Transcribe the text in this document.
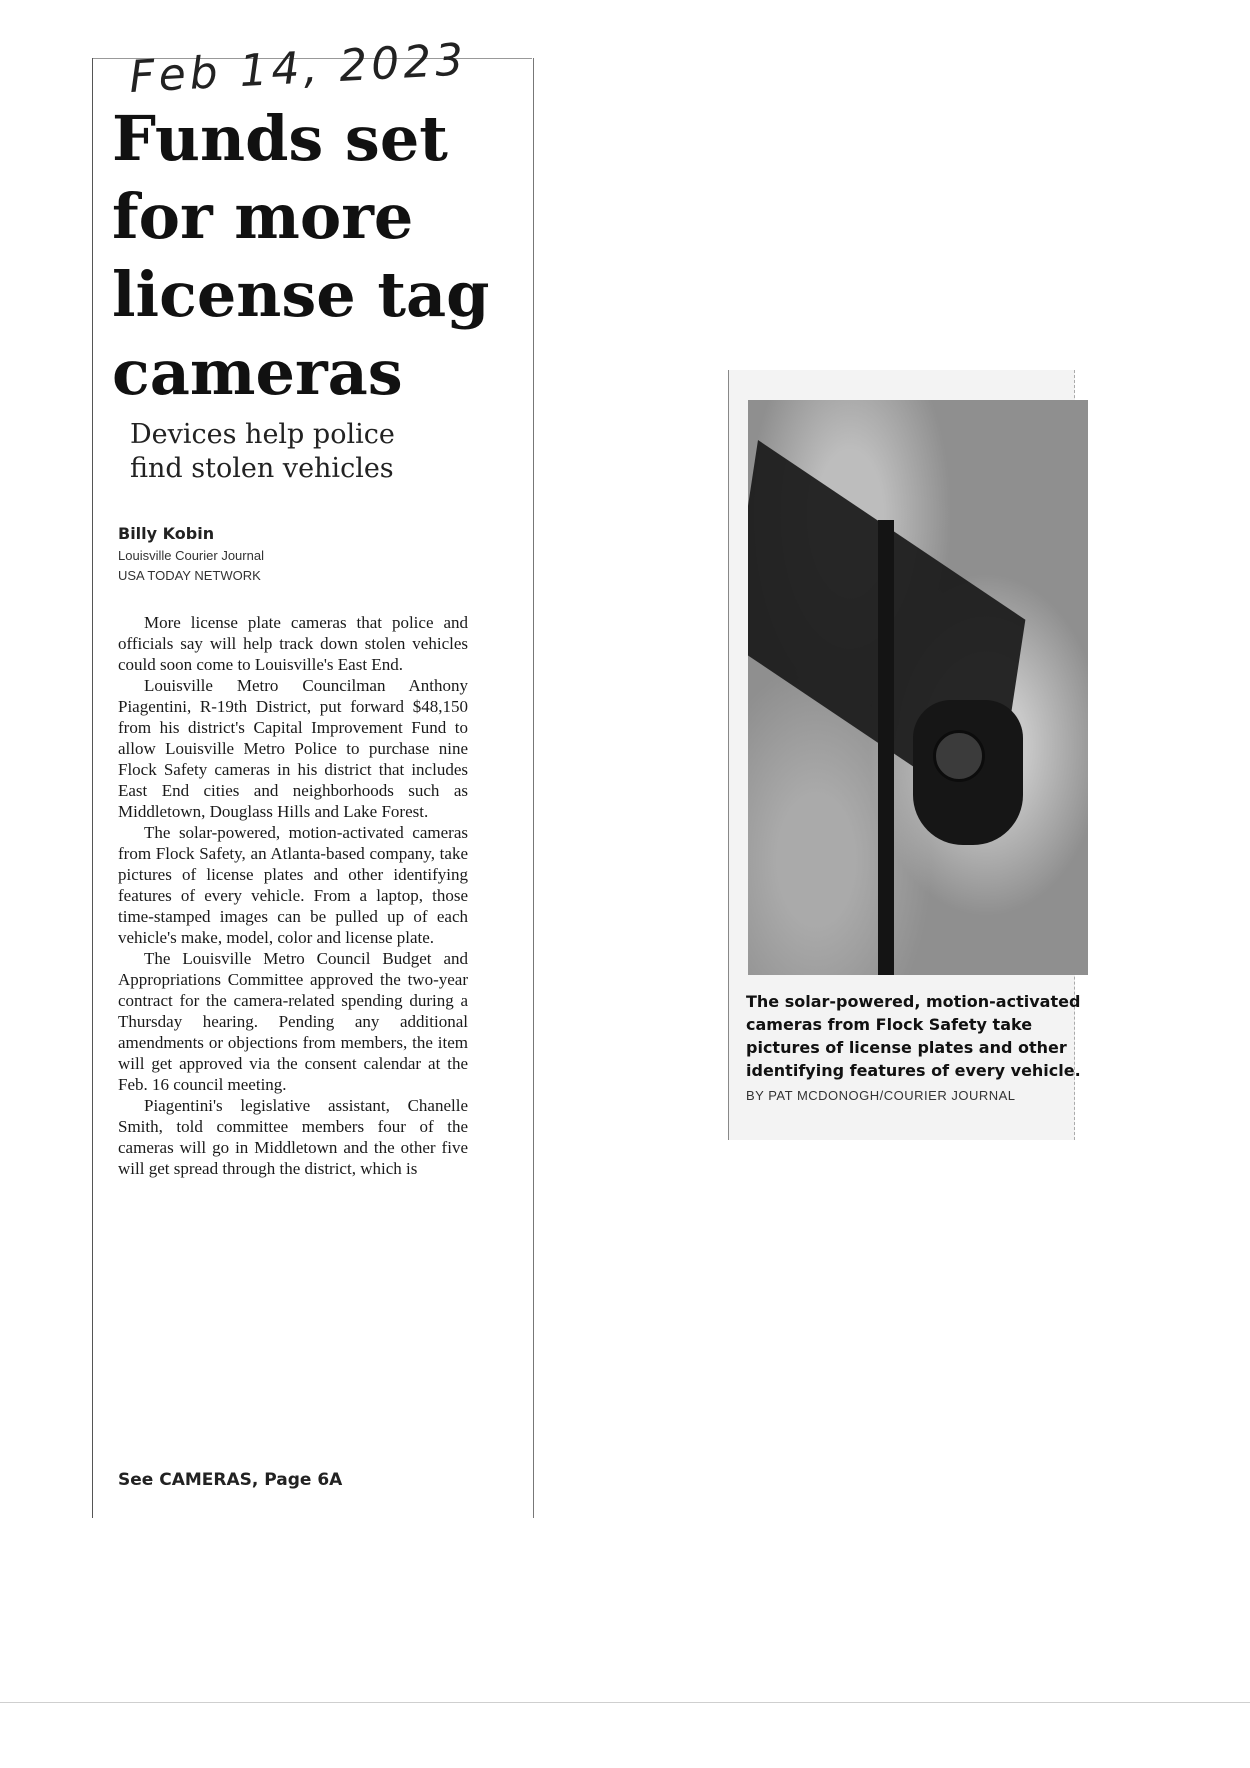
Feb 14, 2023
Funds set for more license tag cameras
Devices help police find stolen vehicles
Billy Kobin
Louisville Courier Journal
USA TODAY NETWORK

More license plate cameras that police and officials say will help track down stolen vehicles could soon come to Louisville's East End.

Louisville Metro Councilman Anthony Piagentini, R-19th District, put forward $48,150 from his district's Capital Improvement Fund to allow Louisville Metro Police to purchase nine Flock Safety cameras in his district that includes East End cities and neighborhoods such as Middletown, Douglass Hills and Lake Forest.

The solar-powered, motion-activated cameras from Flock Safety, an Atlanta-based company, take pictures of license plates and other identifying features of every vehicle. From a laptop, those time-stamped images can be pulled up of each vehicle's make, model, color and license plate.

The Louisville Metro Council Budget and Appropriations Committee approved the two-year contract for the camera-related spending during a Thursday hearing. Pending any additional amendments or objections from members, the item will get approved via the consent calendar at the Feb. 16 council meeting.

Piagentini's legislative assistant, Chanelle Smith, told committee members four of the cameras will go in Middletown and the other five will get spread through the district, which is

See CAMERAS, Page 6A
The solar-powered, motion-activated cameras from Flock Safety take pictures of license plates and other identifying features of every vehicle.
BY PAT MCDONOGH/COURIER JOURNAL
